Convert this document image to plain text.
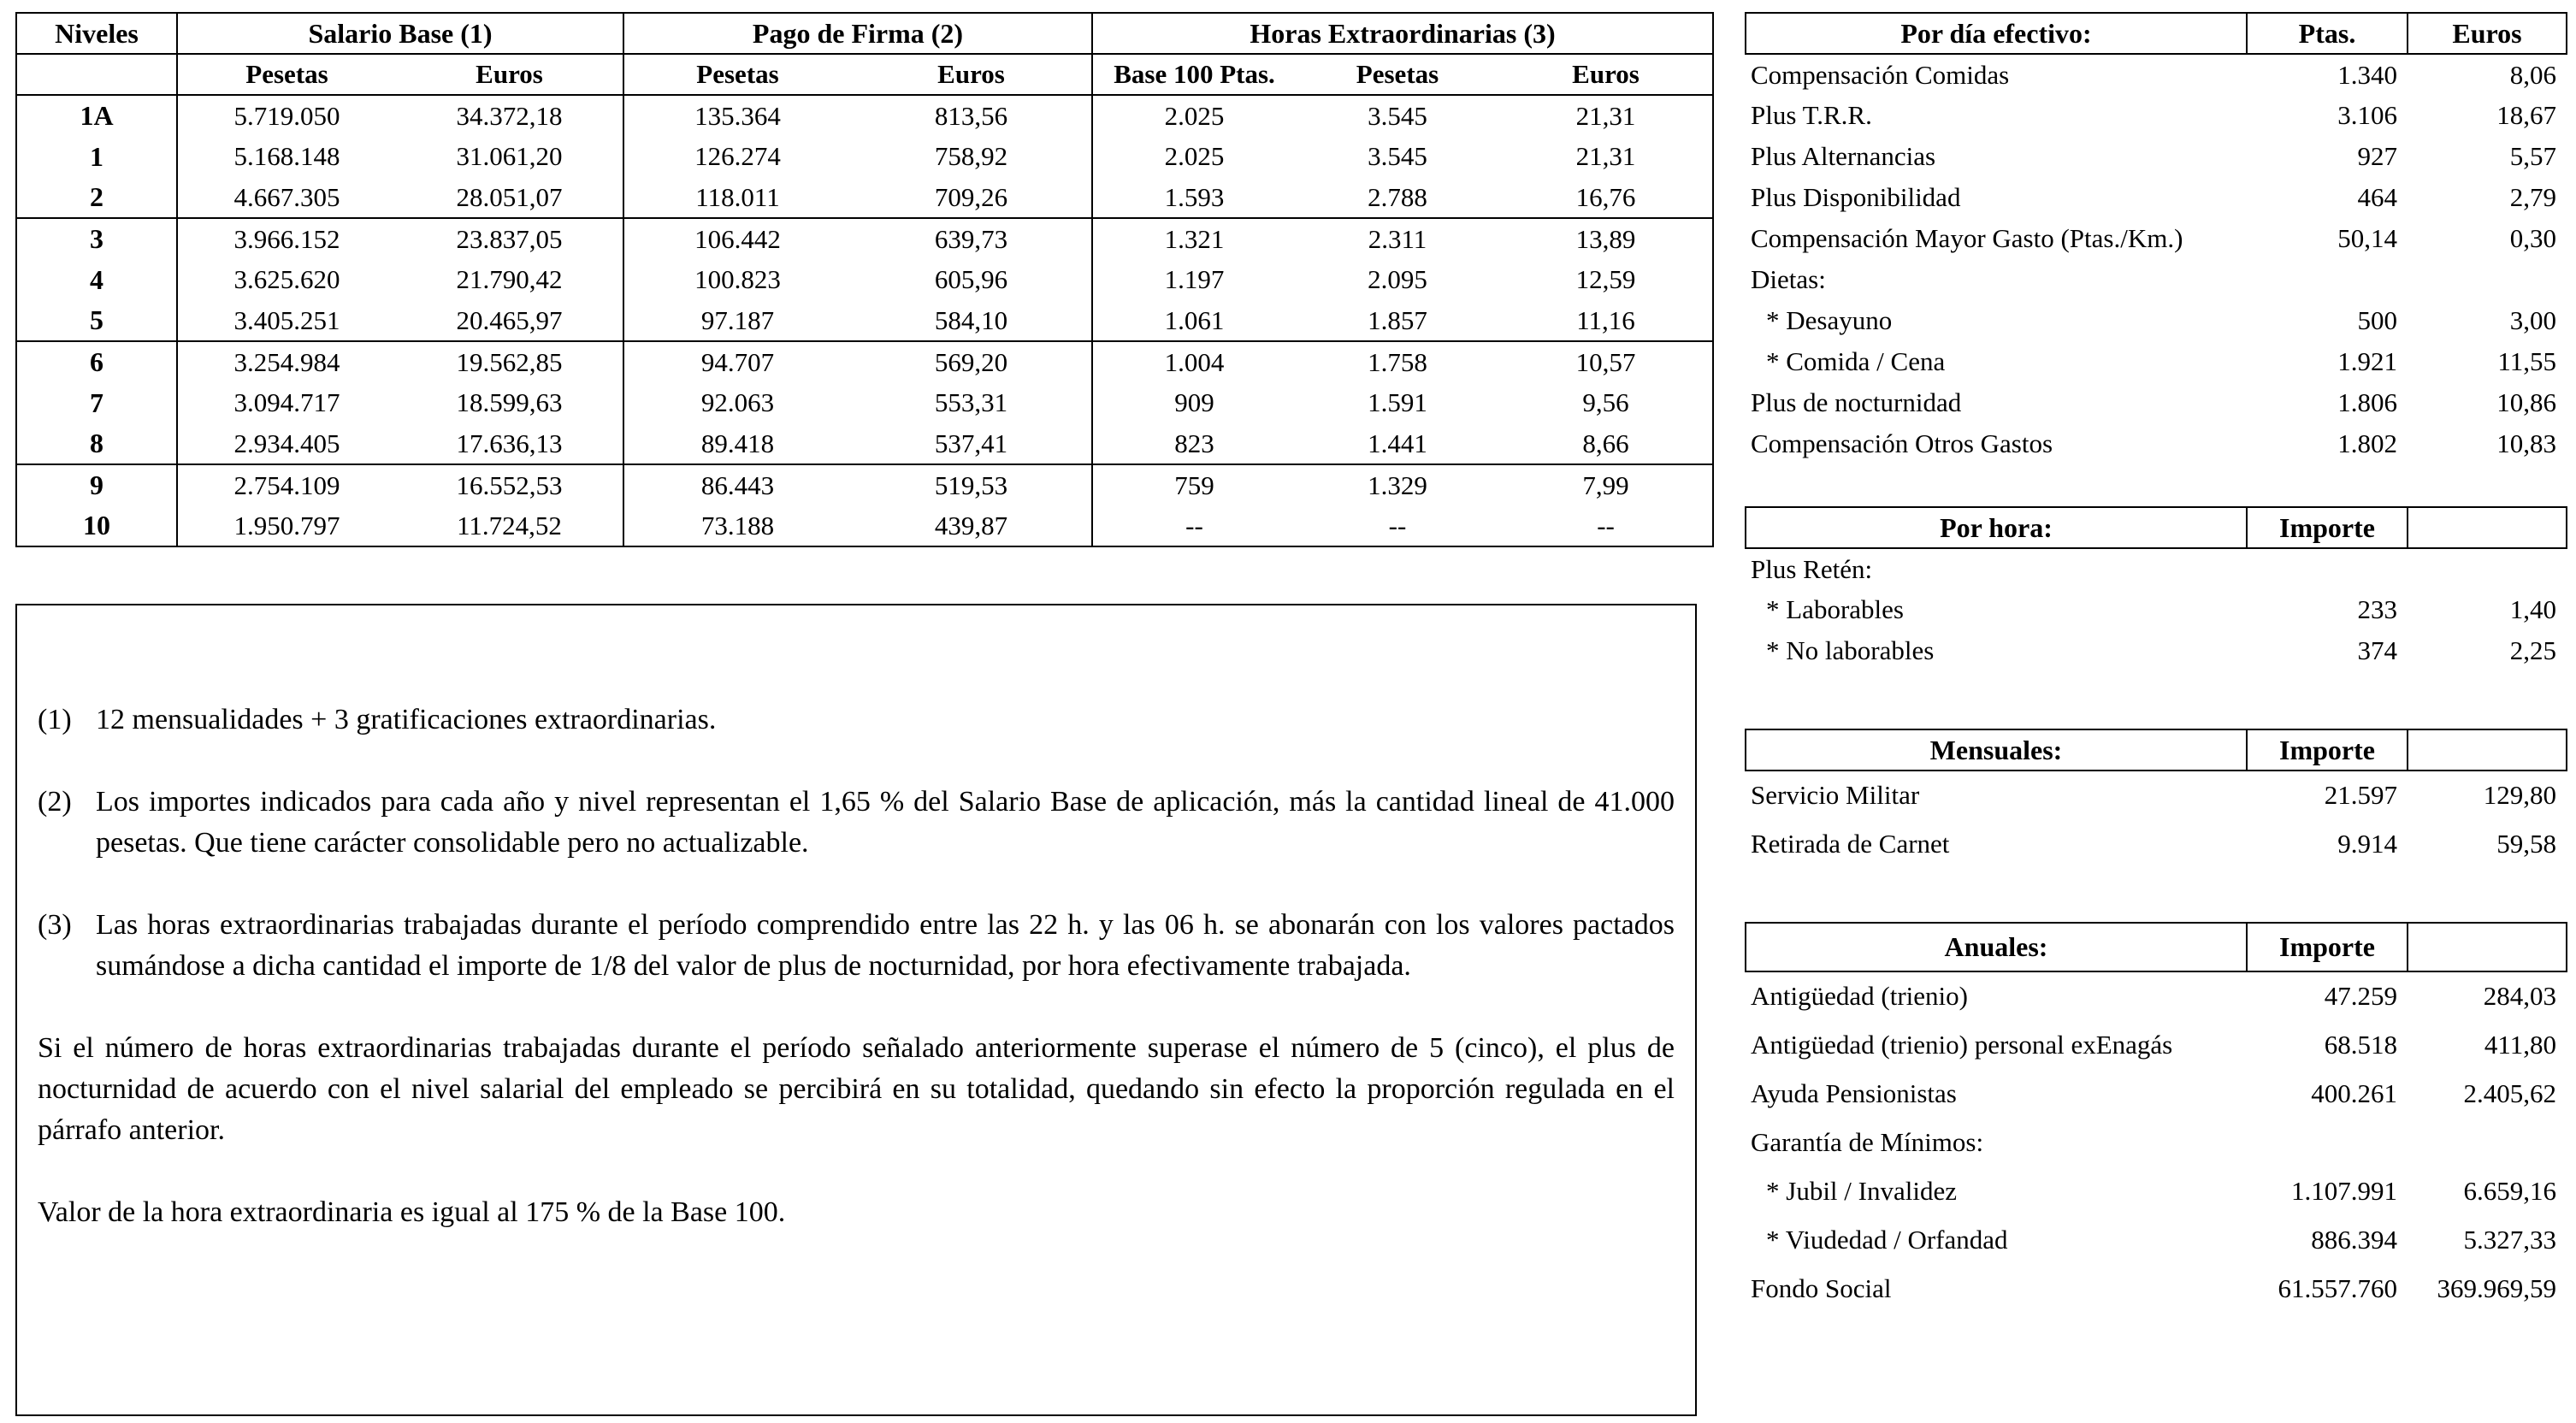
Niveles	Salario Base (1)		Pago de Firma (2)		Horas Extraordinarias (3)		
	Pesetas	Euros	Pesetas	Euros	Base 100 Ptas.	Pesetas	Euros
1A	5.719.050	34.372,18	135.364	813,56	2.025	3.545	21,31
1	5.168.148	31.061,20	126.274	758,92	2.025	3.545	21,31
2	4.667.305	28.051,07	118.011	709,26	1.593	2.788	16,76
3	3.966.152	23.837,05	106.442	639,73	1.321	2.311	13,89
4	3.625.620	21.790,42	100.823	605,96	1.197	2.095	12,59
5	3.405.251	20.465,97	97.187	584,10	1.061	1.857	11,16
6	3.254.984	19.562,85	94.707	569,20	1.004	1.758	10,57
7	3.094.717	18.599,63	92.063	553,31	909	1.591	9,56
8	2.934.405	17.636,13	89.418	537,41	823	1.441	8,66
9	2.754.109	16.552,53	86.443	519,53	759	1.329	7,99
10	1.950.797	11.724,52	73.188	439,87	--	--	--
(1) 12 mensualidades + 3 gratificaciones extraordinarias.
(2) Los importes indicados para cada año y nivel representan el 1,65 % del Salario Base de aplicación, más la cantidad lineal de 41.000 pesetas. Que tiene carácter consolidable pero no actualizable.
(3) Las horas extraordinarias trabajadas durante el período comprendido entre las 22 h. y las 06 h. se abonarán con los valores pactados sumándose a dicha cantidad el importe de 1/8 del valor de plus de nocturnidad, por hora efectivamente trabajada.
Si el número de horas extraordinarias trabajadas durante el período señalado anteriormente superase el número de 5 (cinco), el plus de nocturnidad de acuerdo con el nivel salarial del empleado se percibirá en su totalidad, quedando sin efecto la proporción regulada en el párrafo anterior.
Valor de la hora extraordinaria es igual al 175 % de la Base 100.
Por día efectivo:	Ptas.	Euros
Compensación Comidas	1.340	8,06
Plus T.R.R.	3.106	18,67
Plus Alternancias	927	5,57
Plus Disponibilidad	464	2,79
Compensación Mayor Gasto (Ptas./Km.)	50,14	0,30
Dietas:		
* Desayuno	500	3,00
* Comida / Cena	1.921	11,55
Plus de nocturnidad	1.806	10,86
Compensación Otros Gastos	1.802	10,83
Por hora:	Importe	
Plus Retén:		
* Laborables	233	1,40
* No laborables	374	2,25
Mensuales:	Importe	
Servicio Militar	21.597	129,80
Retirada de Carnet	9.914	59,58
Anuales:	Importe	
Antigüedad (trienio)	47.259	284,03
Antigüedad (trienio) personal exEnagás	68.518	411,80
Ayuda Pensionistas	400.261	2.405,62
Garantía de Mínimos:		
* Jubil / Invalidez	1.107.991	6.659,16
* Viudedad / Orfandad	886.394	5.327,33
Fondo Social	61.557.760	369.969,59
